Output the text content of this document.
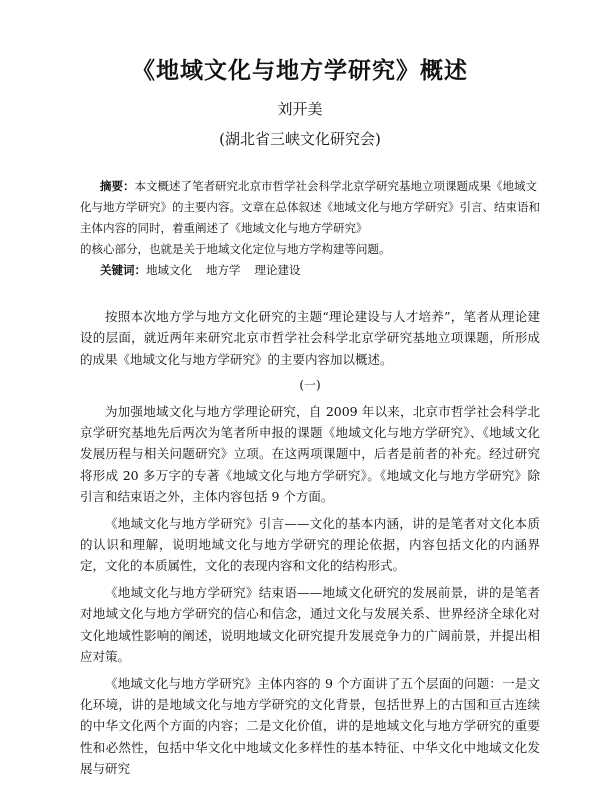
《地域文化与地方学研究》概述
刘开美
(湖北省三峡文化研究会)

摘要：本文概述了笔者研究北京市哲学社会科学北京学研究基地立项课题成果《地域文化与地方学研究》的主要内容。文章在总体叙述《地域文化与地方学研究》引言、结束语和主体内容的同时，着重阐述了《地域文化与地方学研究》

的核心部分，也就是关于地域文化定位与地方学构建等问题。

关键词：地域文化 地方学 理论建设

按照本次地方学与地方文化研究的主题“理论建设与人才培养”，笔者从理论建设的层面，就近两年来研究北京市哲学社会科学北京学研究基地立项课题，所形成的成果《地域文化与地方学研究》的主要内容加以概述。

(一)

为加强地域文化与地方学理论研究，自 2009 年以来，北京市哲学社会科学北京学研究基地先后两次为笔者所申报的课题《地域文化与地方学研究》、《地域文化发展历程与相关问题研究》立项。在这两项课题中，后者是前者的补充。经过研究将形成 20 多万字的专著《地域文化与地方学研究》。《地域文化与地方学研究》除引言和结束语之外，主体内容包括 9 个方面。

《地域文化与地方学研究》引言——文化的基本内涵，讲的是笔者对文化本质的认识和理解，说明地域文化与地方学研究的理论依据，内容包括文化的内涵界定，文化的本质属性，文化的表现内容和文化的结构形式。

《地域文化与地方学研究》结束语——地域文化研究的发展前景，讲的是笔者对地域文化与地方学研究的信心和信念，通过文化与发展关系、世界经济全球化对文化地域性影响的阐述，说明地域文化研究提升发展竞争力的广阔前景，并提出相应对策。

《地域文化与地方学研究》主体内容的 9 个方面讲了五个层面的问题：一是文化环境，讲的是地域文化与地方学研究的文化背景，包括世界上的古国和亘古连续的中华文化两个方面的内容；二是文化价值，讲的是地域文化与地方学研究的重要性和必然性，包括中华文化中地域文化多样性的基本特征、中华文化中地域文化发展与研究
